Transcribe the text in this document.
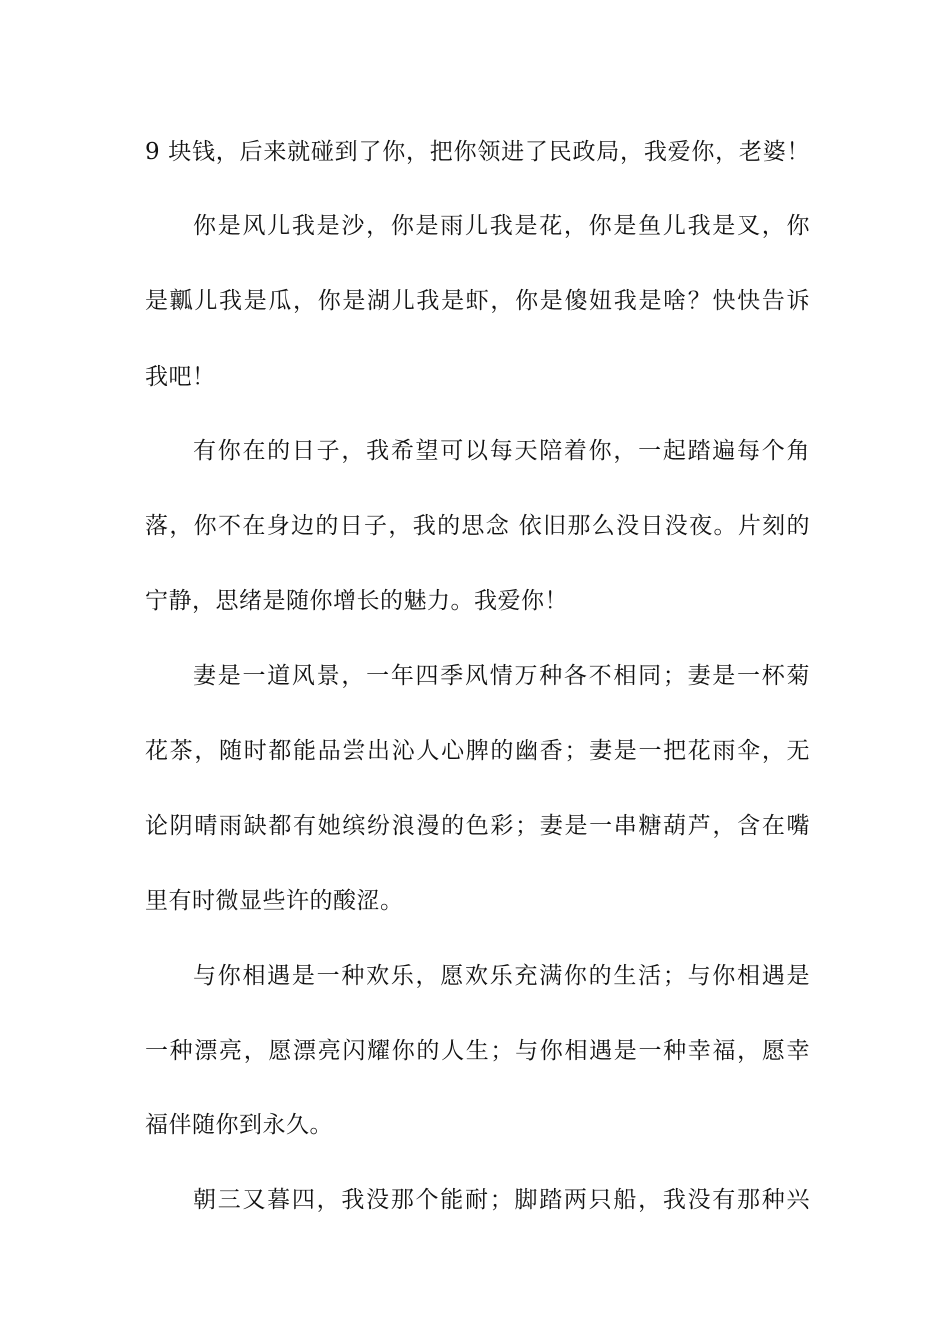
9 块钱，后来就碰到了你，把你领进了民政局，我爱你，老婆！
你是风儿我是沙，你是雨儿我是花，你是鱼儿我是叉，你
是瓤儿我是瓜，你是湖儿我是虾，你是傻妞我是啥？快快告诉
我吧！
有你在的日子，我希望可以每天陪着你，一起踏遍每个角
落，你不在身边的日子，我的思念 依旧那么没日没夜。片刻的
宁静，思绪是随你增长的魅力。我爱你！
妻是一道风景，一年四季风情万种各不相同；妻是一杯菊
花茶，随时都能品尝出沁人心脾的幽香；妻是一把花雨伞，无
论阴晴雨缺都有她缤纷浪漫的色彩；妻是一串糖葫芦，含在嘴
里有时微显些许的酸涩。
与你相遇是一种欢乐，愿欢乐充满你的生活；与你相遇是
一种漂亮，愿漂亮闪耀你的人生；与你相遇是一种幸福，愿幸
福伴随你到永久。
朝三又暮四，我没那个能耐；脚踏两只船，我没有那种兴
